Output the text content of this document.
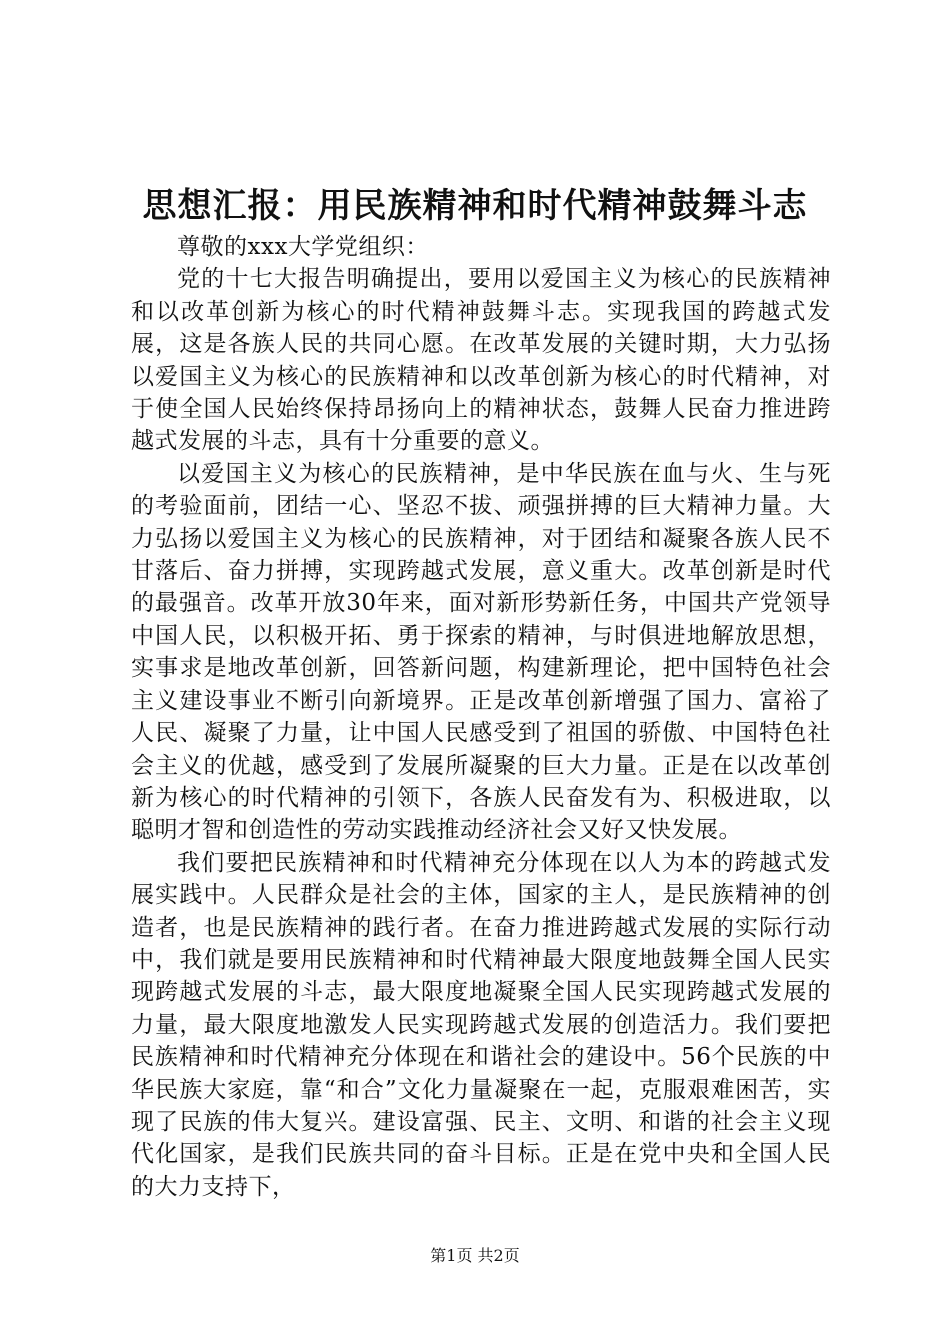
思想汇报：用民族精神和时代精神鼓舞斗志

尊敬的xxx大学党组织：

党的十七大报告明确提出，要用以爱国主义为核心的民族精神和以改革创新为核心的时代精神鼓舞斗志。实现我国的跨越式发展，这是各族人民的共同心愿。在改革发展的关键时期，大力弘扬以爱国主义为核心的民族精神和以改革创新为核心的时代精神，对于使全国人民始终保持昂扬向上的精神状态，鼓舞人民奋力推进跨越式发展的斗志，具有十分重要的意义。

以爱国主义为核心的民族精神，是中华民族在血与火、生与死的考验面前，团结一心、坚忍不拔、顽强拼搏的巨大精神力量。大力弘扬以爱国主义为核心的民族精神，对于团结和凝聚各族人民不甘落后、奋力拼搏，实现跨越式发展，意义重大。改革创新是时代的最强音。改革开放30年来，面对新形势新任务，中国共产党领导中国人民，以积极开拓、勇于探索的精神，与时俱进地解放思想，实事求是地改革创新，回答新问题，构建新理论，把中国特色社会主义建设事业不断引向新境界。正是改革创新增强了国力、富裕了人民、凝聚了力量，让中国人民感受到了祖国的骄傲、中国特色社会主义的优越，感受到了发展所凝聚的巨大力量。正是在以改革创新为核心的时代精神的引领下，各族人民奋发有为、积极进取，以聪明才智和创造性的劳动实践推动经济社会又好又快发展。

我们要把民族精神和时代精神充分体现在以人为本的跨越式发展实践中。人民群众是社会的主体，国家的主人，是民族精神的创造者，也是民族精神的践行者。在奋力推进跨越式发展的实际行动中，我们就是要用民族精神和时代精神最大限度地鼓舞全国人民实现跨越式发展的斗志，最大限度地凝聚全国人民实现跨越式发展的力量，最大限度地激发人民实现跨越式发展的创造活力。我们要把民族精神和时代精神充分体现在和谐社会的建设中。56个民族的中华民族大家庭，靠“和合”文化力量凝聚在一起，克服艰难困苦，实现了民族的伟大复兴。建设富强、民主、文明、和谐的社会主义现代化国家，是我们民族共同的奋斗目标。正是在党中央和全国人民的大力支持下，

第1页 共2页
